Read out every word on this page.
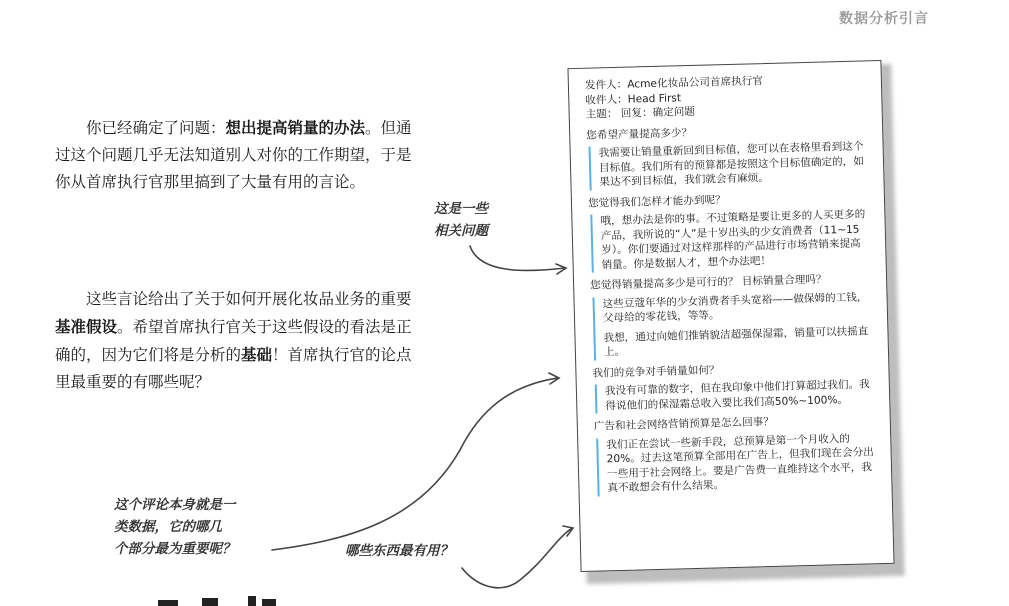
数据分析引言

你已经确定了问题：想出提高销量的办法。但通过这个问题几乎无法知道别人对你的工作期望，于是你从首席执行官那里搞到了大量有用的言论。

这些言论给出了关于如何开展化妆品业务的重要基准假设。希望首席执行官关于这些假设的看法是正确的，因为它们将是分析的基础！首席执行官的论点里最重要的有哪些呢？

这是一些
相关问题
这个评论本身就是一
类数据，它的哪几
个部分最为重要呢？	哪些东西最有用？

发件人：Acme化妆品公司首席执行官

收件人：Head First

主题： 回复：确定问题

您希望产量提高多少？

我需要让销量重新回到目标值，您可以在表格里看到这个目标值。我们所有的预算都是按照这个目标值确定的，如果达不到目标值，我们就会有麻烦。

您觉得我们怎样才能办到呢？

哦，想办法是你的事。不过策略是要让更多的人买更多的产品，我所说的“人”是十岁出头的少女消费者（11~15岁）。你们要通过对这样那样的产品进行市场营销来提高销量。你是数据人才，想个办法吧！

您觉得销量提高多少是可行的？ 目标销量合理吗？

这些豆蔻年华的少女消费者手头宽裕——做保姆的工钱，父母给的零花钱，等等。

我想，通过向她们推销貌洁超强保湿霜，销量可以扶摇直上。

我们的竞争对手销量如何？

我没有可靠的数字，但在我印象中他们打算超过我们。我得说他们的保湿霜总收入要比我们高50%~100%。

广告和社会网络营销预算是怎么回事？

我们正在尝试一些新手段，总预算是第一个月收入的20%。过去这笔预算全部用在广告上，但我们现在会分出一些用于社会网络上。要是广告费一直维持这个水平，我真不敢想会有什么结果。
